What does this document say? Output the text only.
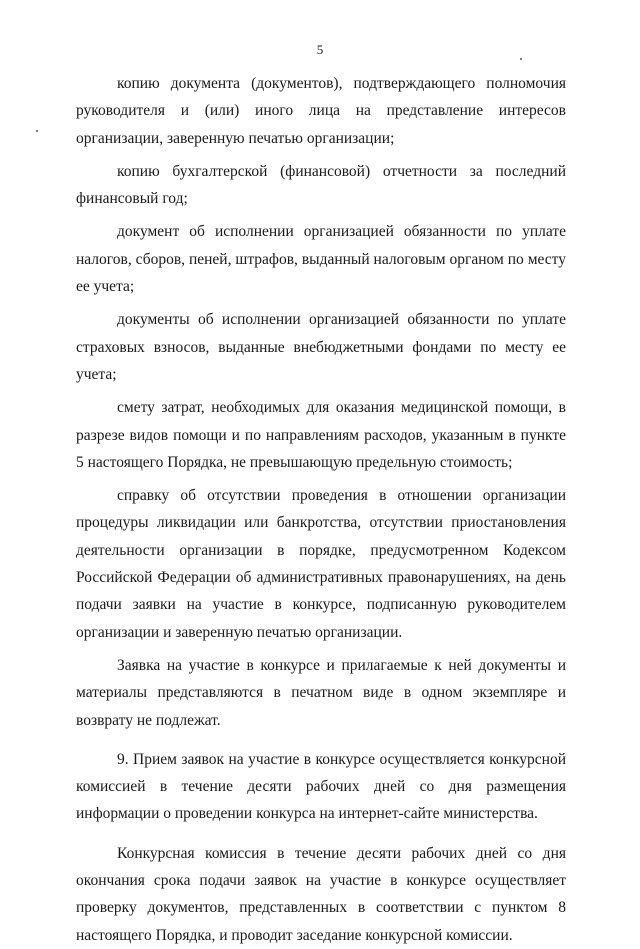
5

копию документа (документов), подтверждающего полномочия руководителя и (или) иного лица на представление интересов организации, заверенную печатью организации;

копию бухгалтерской (финансовой) отчетности за последний финансовый год;

документ об исполнении организацией обязанности по уплате налогов, сборов, пеней, штрафов, выданный налоговым органом по месту ее учета;

документы об исполнении организацией обязанности по уплате страховых взносов, выданные внебюджетными фондами по месту ее учета;

смету затрат, необходимых для оказания медицинской помощи, в разрезе видов помощи и по направлениям расходов, указанным в пункте 5 настоящего Порядка, не превышающую предельную стоимость;

справку об отсутствии проведения в отношении организации процедуры ликвидации или банкротства, отсутствии приостановления деятельности организации в порядке, предусмотренном Кодексом Российской Федерации об административных правонарушениях, на день подачи заявки на участие в конкурсе, подписанную руководителем организации и заверенную печатью организации.

Заявка на участие в конкурсе и прилагаемые к ней документы и материалы представляются в печатном виде в одном экземпляре и возврату не подлежат.

9. Прием заявок на участие в конкурсе осуществляется конкурсной комиссией в течение десяти рабочих дней со дня размещения информации о проведении конкурса на интернет-сайте министерства.

Конкурсная комиссия в течение десяти рабочих дней со дня окончания срока подачи заявок на участие в конкурсе осуществляет проверку документов, представленных в соответствии с пунктом 8 настоящего Порядка, и проводит заседание конкурсной комиссии.
